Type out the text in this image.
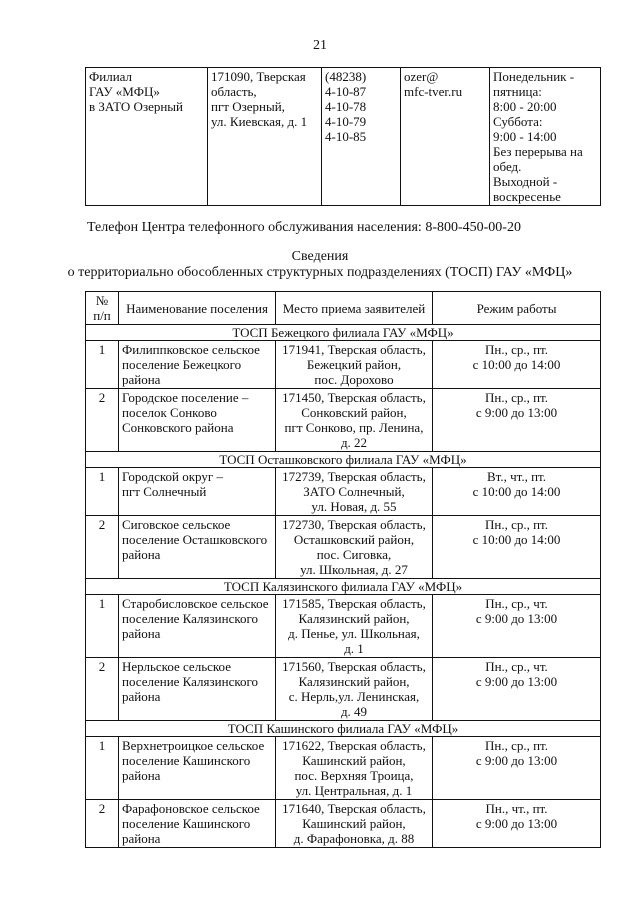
21
Филиал
ГАУ «МФЦ»
в ЗАТО Озерный

171090, Тверская
область,
пгт Озерный,
ул. Киевская, д. 1

(48238)
4-10-87
4-10-78
4-10-79
4-10-85

ozer@
mfc-tver.ru

Понедельник -
пятница:
8:00 - 20:00
Суббота:
9:00 - 14:00
Без перерыва на
обед.
Выходной -
воскресенье
Телефон Центра телефонного обслуживания населения: 8-800-450-00-20
Сведения
о территориально обособленных структурных подразделениях (ТОСП) ГАУ «МФЦ»
№
п/п	Наименование поселения	Место приема заявителей	Режим работы

ТОСП Бежецкого филиала ГАУ «МФЦ»			

1	Филиппковское сельское
поселение Бежецкого
района	171941, Тверская область,
Бежецкий район,
пос. Дорохово	Пн., ср., пт.
с 10:00 до 14:00

2	Городское поселение –
поселок Сонково
Сонковского района	171450, Тверская область,
Сонковский район,
пгт Сонково, пр. Ленина,
д. 22	Пн., ср., пт.
с 9:00 до 13:00

ТОСП Осташковского филиала ГАУ «МФЦ»			

1	Городской округ –
пгт Солнечный	172739, Тверская область,
ЗАТО Солнечный,
ул. Новая, д. 55	Вт., чт., пт.
с 10:00 до 14:00

2	Сиговское сельское
поселение Осташковского
района	172730, Тверская область,
Осташковский район,
пос. Сиговка,
ул. Школьная, д. 27	Пн., ср., пт.
с 10:00 до 14:00

ТОСП Калязинского филиала ГАУ «МФЦ»			

1	Старобисловское сельское
поселение Калязинского
района	171585, Тверская область,
Калязинский район,
д. Пенье, ул. Школьная,
д. 1	Пн., ср., чт.
с 9:00 до 13:00

2	Нерльское сельское
поселение Калязинского
района	171560, Тверская область,
Калязинский район,
с. Нерль,ул. Ленинская,
д. 49	Пн., ср., чт.
с 9:00 до 13:00

ТОСП Кашинского филиала ГАУ «МФЦ»			

1	Верхнетроицкое сельское
поселение Кашинского
района	171622, Тверская область,
Кашинский район,
пос. Верхняя Троица,
ул. Центральная, д. 1	Пн., ср., пт.
с 9:00 до 13:00

2	Фарафоновское сельское
поселение Кашинского
района	171640, Тверская область,
Кашинский район,
д. Фарафоновка, д. 88	Пн., чт., пт.
с 9:00 до 13:00
